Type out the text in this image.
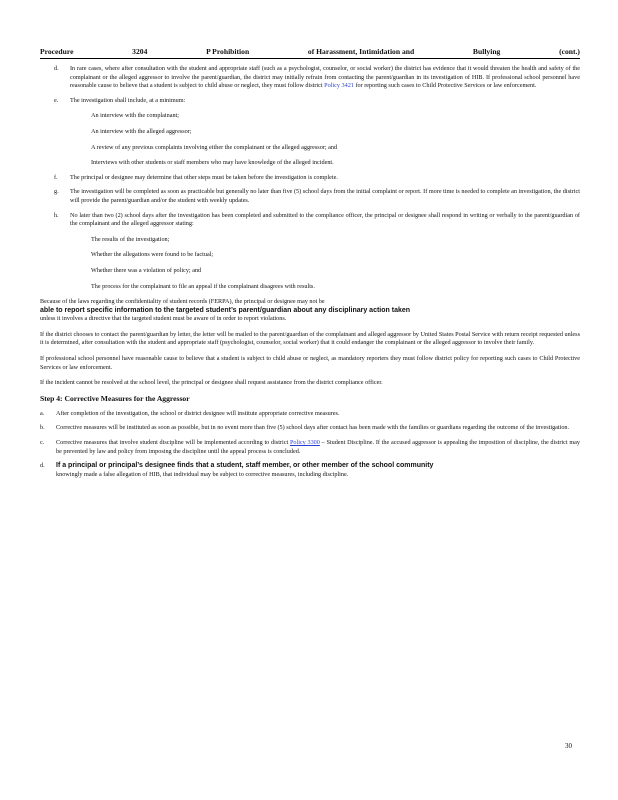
Procedure	3204	P Prohibition	of Harassment, Intimidation and	Bullying	(cont.)
d. In rare cases, where after consultation with the student and appropriate staff (such as a psychologist, counselor, or social worker) the district has evidence that it would threaten the health and safety of the complainant or the alleged aggressor to involve the parent/guardian, the district may initially refrain from contacting the parent/guardian in its investigation of HIB. If professional school personnel have reasonable cause to believe that a student is subject to child abuse or neglect, they must follow district Policy 3421 for reporting such cases to Child Protective Services or law enforcement.
e. The investigation shall include, at a minimum:
An interview with the complainant;
An interview with the alleged aggressor;
A review of any previous complaints involving either the complainant or the alleged aggressor; and
Interviews with other students or staff members who may have knowledge of the alleged incident.
f. The principal or designee may determine that other steps must be taken before the investigation is complete.
g. The investigation will be completed as soon as practicable but generally no later than five (5) school days from the initial complaint or report. If more time is needed to complete an investigation, the district will provide the parent/guardian and/or the student with weekly updates.
h. No later than two (2) school days after the investigation has been completed and submitted to the compliance officer, the principal or designee shall respond in writing or verbally to the parent/guardian of the complainant and the alleged aggressor stating:
The results of the investigation;
Whether the allegations were found to be factual;
Whether there was a violation of policy; and
The process for the complainant to file an appeal if the complainant disagrees with results.
Because of the laws regarding the confidentiality of student records (FERPA), the principal or designee may not be
able to report specific information to the targeted student’s parent/guardian about any disciplinary action taken
unless it involves a directive that the targeted student must be aware of in order to report violations.
If the district chooses to contact the parent/guardian by letter, the letter will be mailed to the parent/guardian of the complainant and alleged aggressor by United States Postal Service with return receipt requested unless it is determined, after consultation with the student and appropriate staff (psychologist, counselor, social worker) that it could endanger the complainant or the alleged aggressor to involve their family.
If professional school personnel have reasonable cause to believe that a student is subject to child abuse or neglect, as mandatory reporters they must follow district policy for reporting such cases to Child Protective Services or law enforcement.
If the incident cannot be resolved at the school level, the principal or designee shall request assistance from the district compliance officer.
Step 4: Corrective Measures for the Aggressor
a. After completion of the investigation, the school or district designee will institute appropriate corrective measures.
b. Corrective measures will be instituted as soon as possible, but in no event more than five (5) school days after contact has been made with the families or guardians regarding the outcome of the investigation.
c. Corrective measures that involve student discipline will be implemented according to district Policy 3300 – Student Discipline. If the accused aggressor is appealing the imposition of discipline, the district may be prevented by law and policy from imposing the discipline until the appeal process is concluded.
d. If a principal or principal’s designee finds that a student, staff member, or other member of the school community
knowingly made a false allegation of HIB, that individual may be subject to corrective measures, including discipline.
30
